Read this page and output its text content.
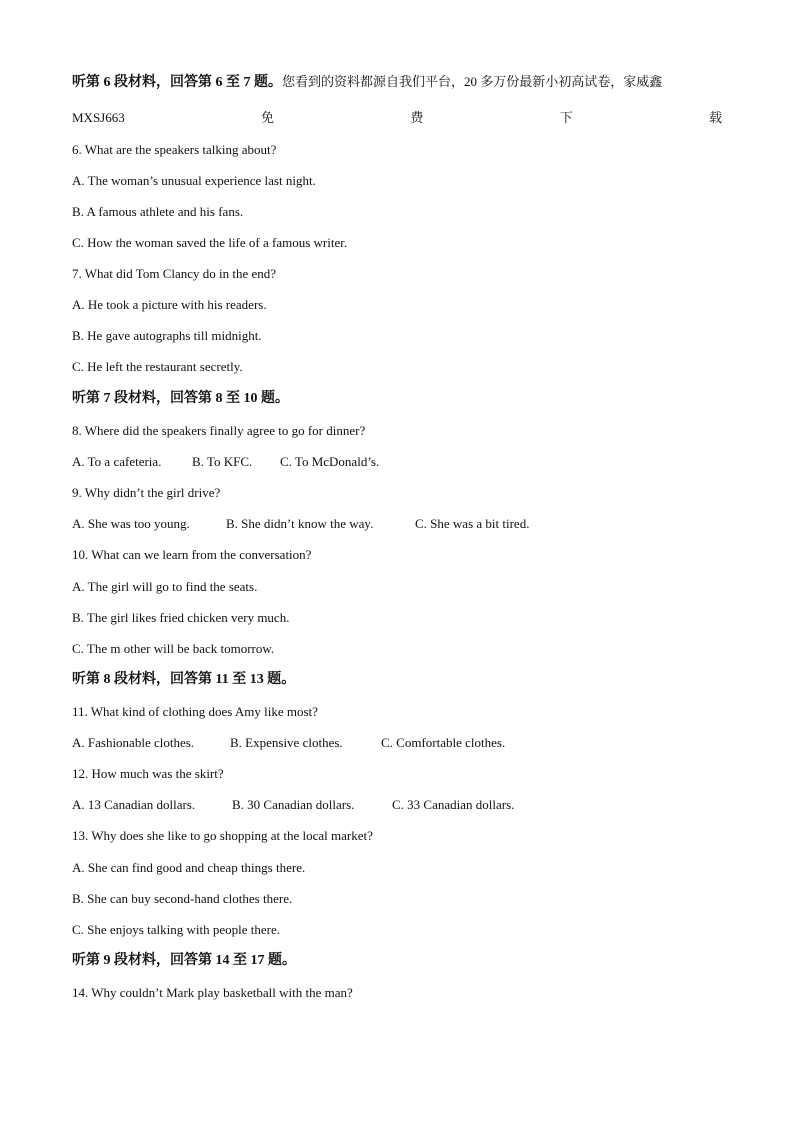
听第 6 段材料，回答第 6 至 7 题。您看到的资料都源自我们平台，20 多万份最新小初高试卷，家威鑫
MXSJ663	免	费	下	载
6. What are the speakers talking about?
A. The woman’s unusual experience last night.
B. A famous athlete and his fans.
C. How the woman saved the life of a famous writer.
7. What did Tom Clancy do in the end?
A. He took a picture with his readers.
B. He gave autographs till midnight.
C. He left the restaurant secretly.
听第 7 段材料，回答第 8 至 10 题。
8. Where did the speakers finally agree to go for dinner?
A. To a cafeteria. B. To KFC. C. To McDonald’s.
9. Why didn’t the girl drive?
A. She was too young.	B. She didn’t know the way.	C. She was a bit tired.
10. What can we learn from the conversation?
A. The girl will go to find the seats.
B. The girl likes fried chicken very much.
C. The m other will be back tomorrow.
听第 8 段材料，回答第 11 至 13 题。
11. What kind of clothing does Amy like most?
A. Fashionable clothes.	B. Expensive clothes.	C. Comfortable clothes.
12. How much was the skirt?
A. 13 Canadian dollars.	B. 30 Canadian dollars.	C. 33 Canadian dollars.
13. Why does she like to go shopping at the local market?
A. She can find good and cheap things there.
B. She can buy second-hand clothes there.
C. She enjoys talking with people there.
听第 9 段材料，回答第 14 至 17 题。
14. Why couldn’t Mark play basketball with the man?
